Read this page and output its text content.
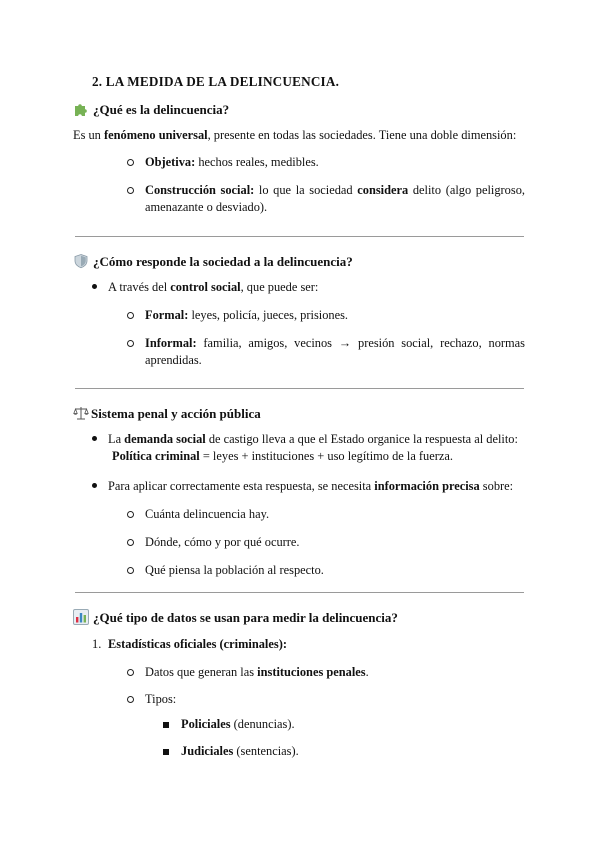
2. LA MEDIDA DE LA DELINCUENCIA.
¿Qué es la delincuencia?
Es un fenómeno universal, presente en todas las sociedades. Tiene una doble dimensión:
Objetiva: hechos reales, medibles.
Construcción social: lo que la sociedad considera delito (algo peligroso, amenazante o desviado).
¿Cómo responde la sociedad a la delincuencia?
A través del control social, que puede ser:
Formal: leyes, policía, jueces, prisiones.
Informal: familia, amigos, vecinos → presión social, rechazo, normas aprendidas.
Sistema penal y acción pública
La demanda social de castigo lleva a que el Estado organice la respuesta al delito:
Política criminal = leyes + instituciones + uso legítimo de la fuerza.
Para aplicar correctamente esta respuesta, se necesita información precisa sobre:
Cuánta delincuencia hay.
Dónde, cómo y por qué ocurre.
Qué piensa la población al respecto.
¿Qué tipo de datos se usan para medir la delincuencia?
1. Estadísticas oficiales (criminales):
Datos que generan las instituciones penales.
Tipos:
Policiales (denuncias).
Judiciales (sentencias).
